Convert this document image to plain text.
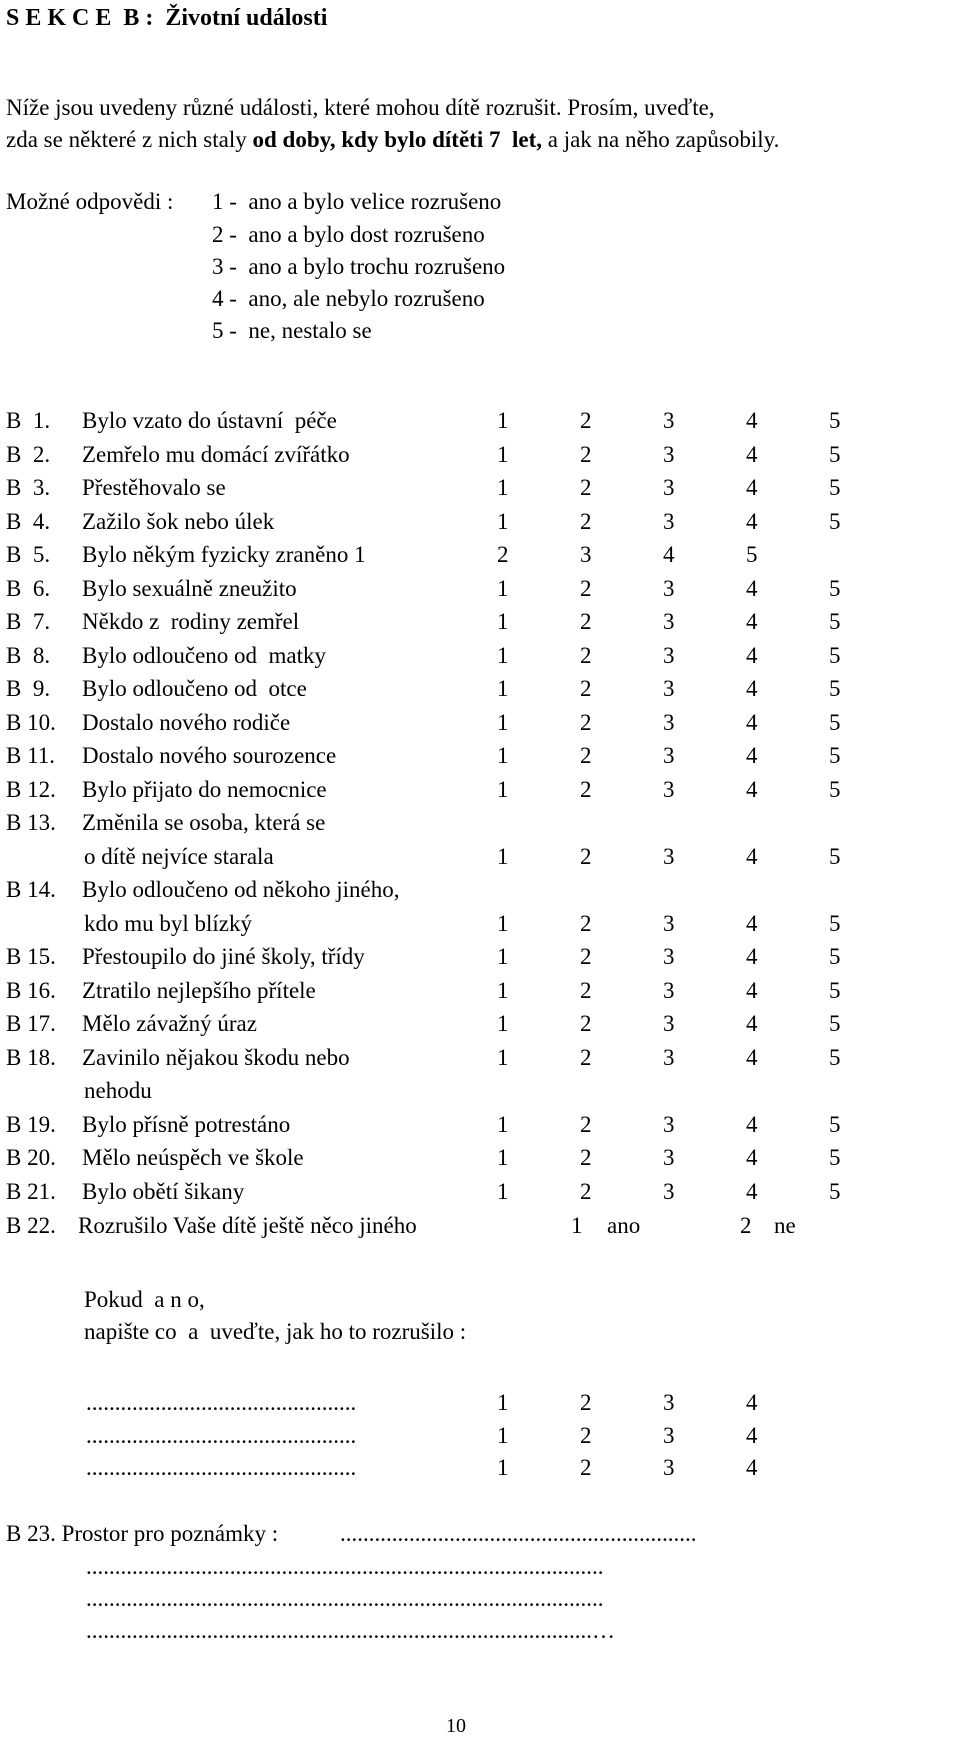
S E K C E  B :  Životní události
Níže jsou uvedeny různé události, které mohou dítě rozrušit. Prosím, uveďte,
zda se některé z nich staly od doby, kdy bylo dítěti 7  let, a jak na něho zapůsobily.
Možné odpovědi : 1 -  ano a bylo velice rozrušeno
2 -  ano a bylo dost rozrušeno
3 -  ano a bylo trochu rozrušeno
4 -  ano, ale nebylo rozrušeno
5 -  ne, nestalo se
B  1. Bylo vzato do ústavní  péče	1	2	3	4	5
B  2. Zemřelo mu domácí zvířátko	1	2	3	4	5
B  3. Přestěhovalo se	1	2	3	4	5
B  4. Zažilo šok nebo úlek	1	2	3	4	5
B  5. Bylo někým fyzicky zraněno 1	2	3	4	5
B  6. Bylo sexuálně zneužito	1	2	3	4	5
B  7. Někdo z  rodiny zemřel	1	2	3	4	5
B  8. Bylo odloučeno od  matky	1	2	3	4	5
B  9. Bylo odloučeno od  otce	1	2	3	4	5
B 10. Dostalo nového rodiče	1	2	3	4	5
B 11. Dostalo nového sourozence	1	2	3	4	5
B 12. Bylo přijato do nemocnice	1	2	3	4	5
B 13. Změnila se osoba, která se
o dítě nejvíce starala	1	2	3	4	5
B 14. Bylo odloučeno od někoho jiného,
kdo mu byl blízký	1	2	3	4	5
B 15. Přestoupilo do jiné školy, třídy	1	2	3	4	5
B 16. Ztratilo nejlepšího přítele	1	2	3	4	5
B 17. Mělo závažný úraz	1	2	3	4	5
B 18. Zavinilo nějakou škodu nebo	1	2	3	4	5
nehodu
B 19. Bylo přísně potrestáno	1	2	3	4	5
B 20. Mělo neúspěch ve škole	1	2	3	4	5
B 21. Bylo obětí šikany	1	2	3	4	5
B 22. Rozrušilo Vaše dítě ještě něco jiného	1 ano	2 ne
Pokud  a n o,
napište co  a  uveďte, jak ho to rozrušilo :
...............................................	1	2	3	4
...............................................	1	2	3	4
...............................................	1	2	3	4
B 23. Prostor pro poznámky :	..............................................................
..........................................................................................
..........................................................................................
........................................................................................…
10
